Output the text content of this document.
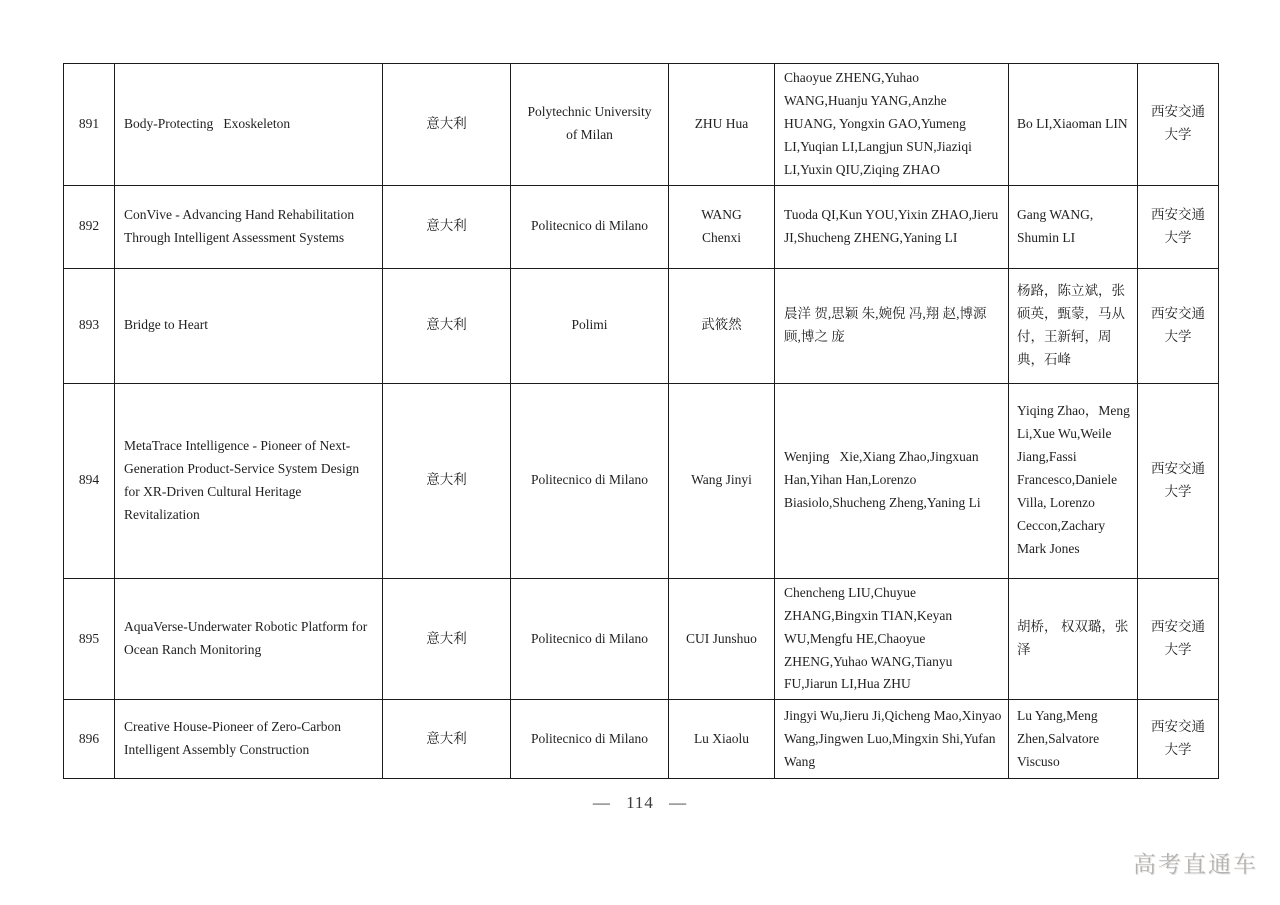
891	Body-Protecting   Exoskeleton	意大利	Polytechnic University of Milan	ZHU Hua	Chaoyue ZHENG,Yuhao WANG,Huanju YANG,Anzhe HUANG, Yongxin GAO,Yumeng LI,Yuqian LI,Langjun SUN,Jiaziqi LI,Yuxin QIU,Ziqing ZHAO	Bo LI,Xiaoman LIN	西安交通大学
892	ConVive - Advancing Hand Rehabilitation Through Intelligent Assessment Systems	意大利	Politecnico di Milano	WANG Chenxi	Tuoda QI,Kun YOU,Yixin ZHAO,Jieru JI,Shucheng ZHENG,Yaning LI	Gang WANG, Shumin LI	西安交通大学
893	Bridge to Heart	意大利	Polimi	武筱然	晨洋 贺,思颖 朱,婉倪 冯,翔 赵,博源 顾,博之 庞	杨路，陈立斌，张硕英，甄蒙，马从付，王新轲，周典，石峰	西安交通大学
894	MetaTrace Intelligence - Pioneer of Next-Generation Product-Service System Design for XR-Driven Cultural Heritage Revitalization	意大利	Politecnico di Milano	Wang Jinyi	Wenjing   Xie,Xiang Zhao,Jingxuan Han,Yihan Han,Lorenzo Biasiolo,Shucheng Zheng,Yaning Li	Yiqing Zhao，Meng Li,Xue Wu,Weile Jiang,Fassi Francesco,Daniele Villa, Lorenzo Ceccon,Zachary Mark Jones	西安交通大学
895	AquaVerse-Underwater Robotic Platform for Ocean Ranch Monitoring	意大利	Politecnico di Milano	CUI Junshuo	Chencheng LIU,Chuyue ZHANG,Bingxin TIAN,Keyan WU,Mengfu HE,Chaoyue ZHENG,Yuhao WANG,Tianyu FU,Jiarun LI,Hua ZHU	胡桥， 权双璐，张泽	西安交通大学
896	Creative House-Pioneer of Zero-Carbon Intelligent Assembly Construction	意大利	Politecnico di Milano	Lu Xiaolu	Jingyi Wu,Jieru Ji,Qicheng Mao,Xinyao Wang,Jingwen Luo,Mingxin Shi,Yufan Wang	Lu Yang,Meng Zhen,Salvatore Viscuso	西安交通大学
— 114 —
高考直通车
